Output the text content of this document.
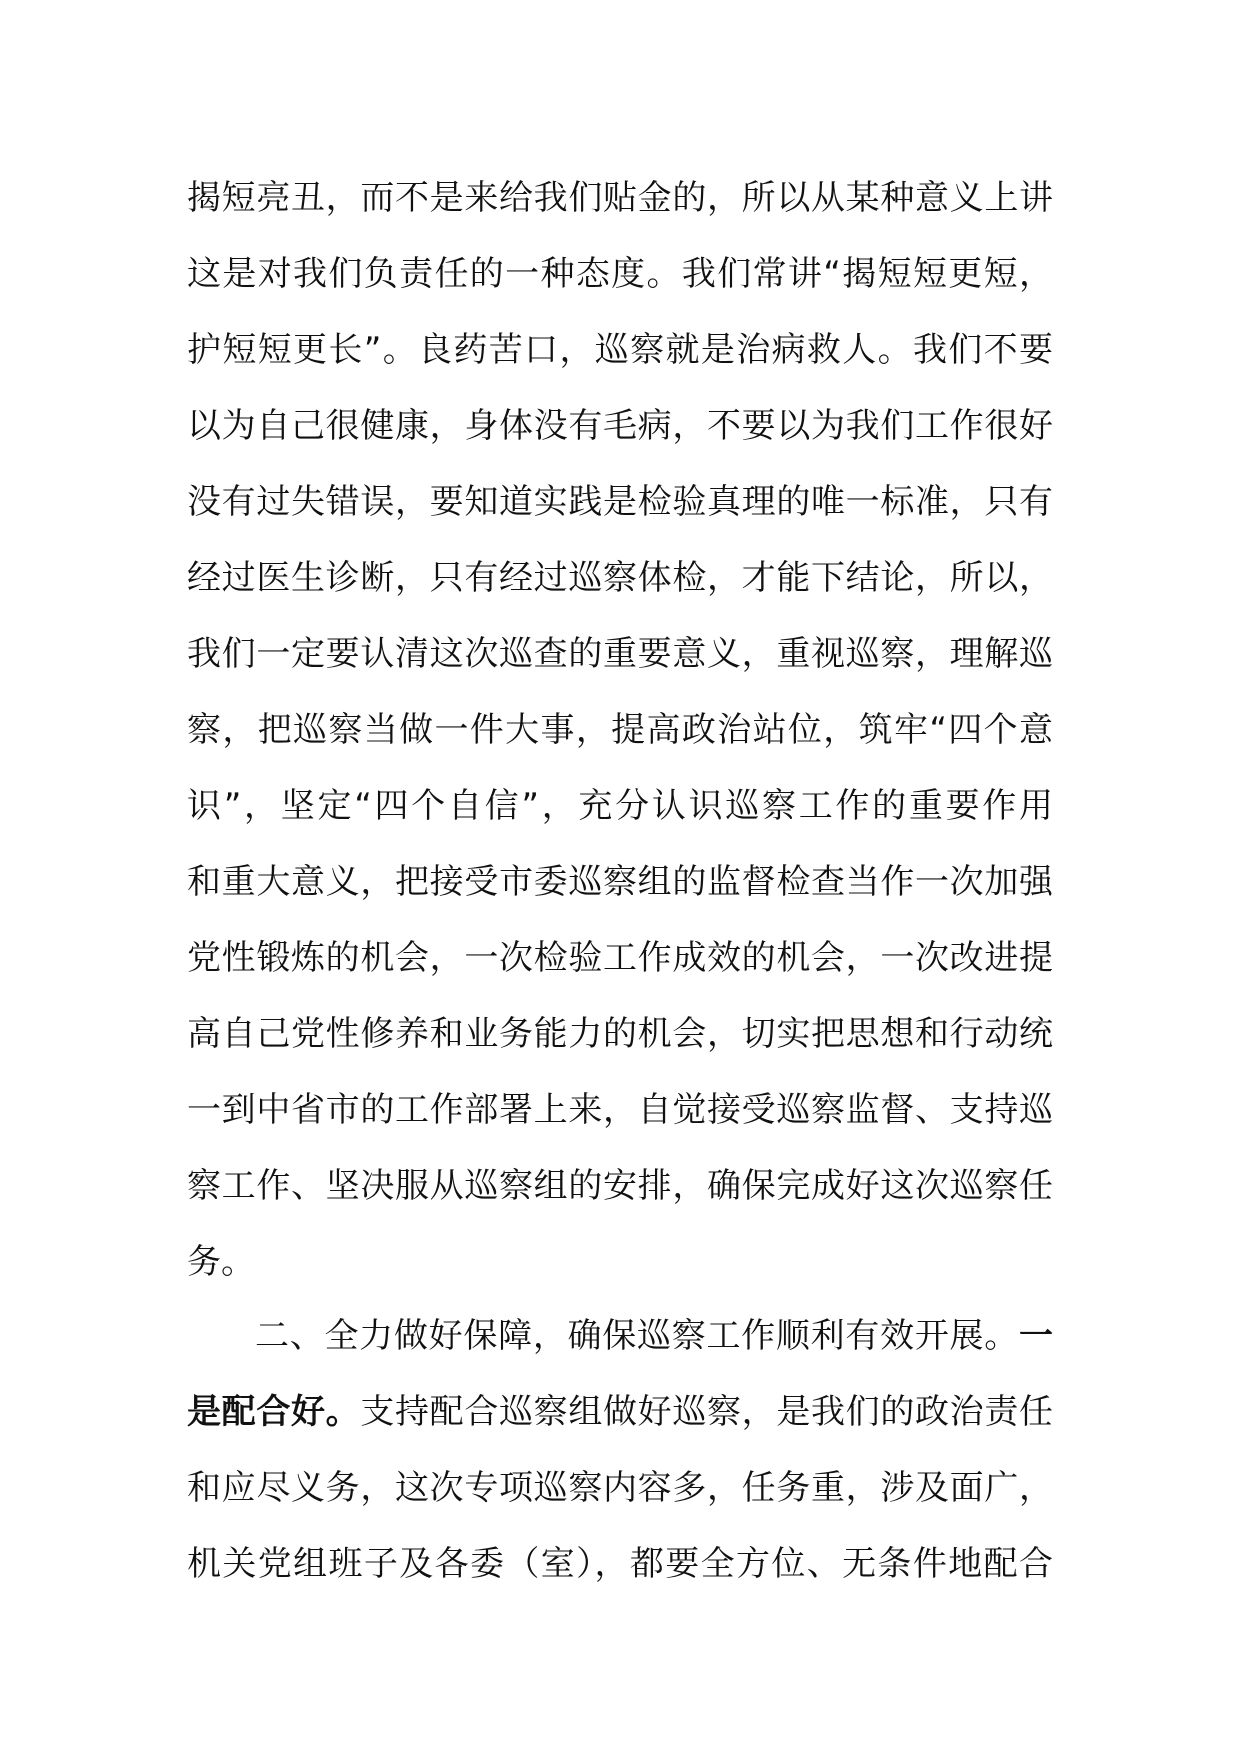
揭短亮丑，而不是来给我们贴金的，所以从某种意义上讲
这是对我们负责任的一种态度。我们常讲“揭短短更短，
护短短更长”。良药苦口，巡察就是治病救人。我们不要
以为自己很健康，身体没有毛病，不要以为我们工作很好
没有过失错误，要知道实践是检验真理的唯一标准，只有
经过医生诊断，只有经过巡察体检，才能下结论，所以，
我们一定要认清这次巡查的重要意义，重视巡察，理解巡
察，把巡察当做一件大事，提高政治站位，筑牢“四个意
识”，坚定“四个自信”，充分认识巡察工作的重要作用
和重大意义，把接受市委巡察组的监督检查当作一次加强
党性锻炼的机会，一次检验工作成效的机会，一次改进提
高自己党性修养和业务能力的机会，切实把思想和行动统
一到中省市的工作部署上来，自觉接受巡察监督、支持巡
察工作、坚决服从巡察组的安排，确保完成好这次巡察任
务。
二、全力做好保障，确保巡察工作顺利有效开展。一
是配合好。支持配合巡察组做好巡察，是我们的政治责任
和应尽义务，这次专项巡察内容多，任务重，涉及面广，
机关党组班子及各委（室），都要全方位、无条件地配合
